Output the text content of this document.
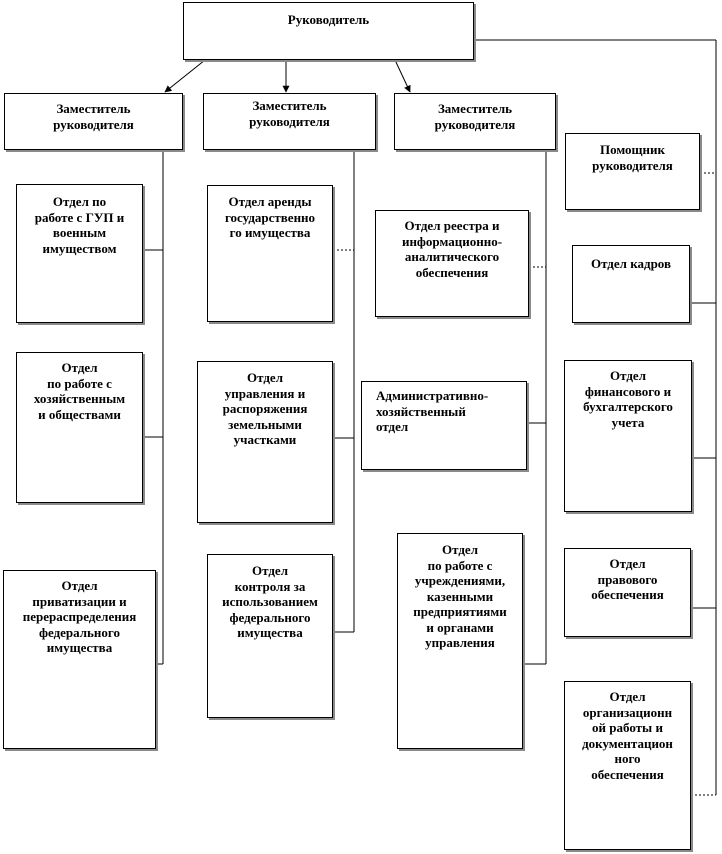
Руководитель
Заместитель
руководителя
Заместитель
руководителя
Заместитель
руководителя
Отдел по
работе с ГУП и
военным
имуществом
Отдел
по работе с
хозяйственным
и обществами
Отдел
приватизации и
перераспределения
федерального
имущества
Отдел аренды
государственно
го имущества
Отдел
управления и
распоряжения
земельными
участками
Отдел
контроля за
использованием
федерального
имущества
Отдел реестра и
информационно-
аналитического
обеспечения
Административно-
хозяйственный
отдел
Отдел
по работе с
учреждениями,
казенными
предприятиями
и органами
управления
Помощник
руководителя
Отдел кадров
Отдел
финансового и
бухгалтерского
учета
Отдел
правового
обеспечения
Отдел
организационн
ой работы и
документацион
ного
обеспечения
